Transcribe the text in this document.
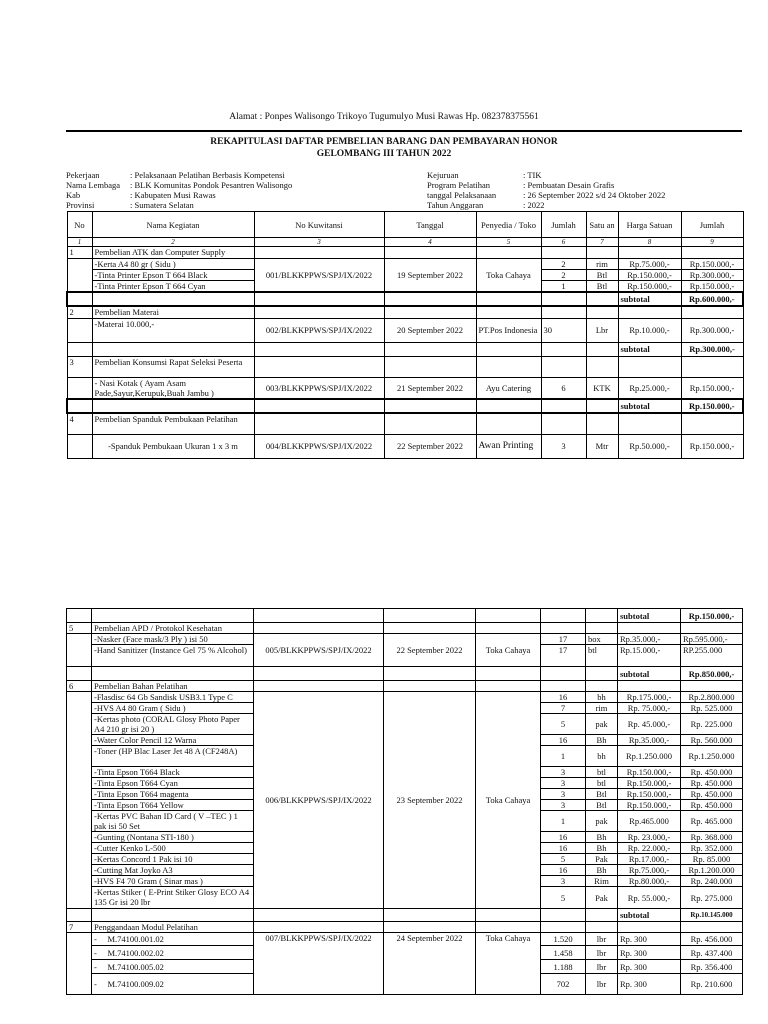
Alamat : Ponpes Walisongo Trikoyo Tugumulyo Musi Rawas Hp. 082378375561
REKAPITULASI DAFTAR PEMBELIAN BARANG DAN PEMBAYARAN HONOR
GELOMBANG III TAHUN 2022
Pekerjaan	: Pelaksanaan Pelatihan Berbasis Kompetensi
Nama Lembaga : BLK Komunitas Pondok Pesantren Walisongo
Kab	: Kabupaten Musi Rawas
Provinsi	: Sumatera Selatan
Kejuruan	: TIK
Program Pelatihan	: Pembuatan Desain Grafis
tanggal Pelaksanaan	: 26 September 2022 s/d 24 Oktober 2022
Tahun Anggaran	: 2022
No	Nama Kegiatan	No Kuwitansi	Tanggal	Penyedia / Toko	Jumlah	Satu an	Harga Satuan	Jumlah
1	2	3	4	5	6	7	8	9
1	Pembelian ATK dan Computer Supply							
	-Kerta A4 80 gr ( Sidu )	001/BLKKPPWS/SPJ/IX/2022	19 September 2022	Toka Cahaya	2	rim	Rp.75.000,-	Rp.150.000,-
	-Tinta Printer Epson T 664 Black				2	Btl	Rp.150.000,-	Rp.300.000,-
	-Tinta Printer Epson T 664 Cyan				1	Btl	Rp.150.000,-	Rp.150.000,-
							subtotal	Rp.600.000,-
2	Pembelian Materai							
	-Materai 10.000,-	002/BLKKPPWS/SPJ/IX/2022	20 September 2022	PT.Pos Indonesia	30	Lbr	Rp.10.000,-	Rp.300.000,-
							subtotal	Rp.300.000,-
3	Pembelian Konsumsi Rapat Seleksi Peserta							
	- Nasi Kotak ( Ayam Asam Pade,Sayur,Kerupuk,Buah Jambu )	003/BLKKPPWS/SPJ/IX/2022	21 September 2022	Ayu Catering	6	KTK	Rp.25.000,-	Rp.150.000,-
							subtotal	Rp.150.000,-
4	Pembelian Spanduk Pembukaan Pelatihan							
	-Spanduk Pembukaan Ukuran 1 x 3 m	004/BLKKPPWS/SPJ/IX/2022	22 September 2022	Awan Printing	3	Mtr	Rp.50.000,-	Rp.150.000,-
							subtotal	Rp.150.000,-
5	Pembelian APD / Protokol Kesehatan							
	-Nasker (Face mask/3 Ply ) isi 50	005/BLKKPPWS/SPJ/IX/2022	22 September 2022	Toka Cahaya	17	box	Rp.35.000,-	Rp.595.000,-
	-Hand Sanitizer (Instance Gel 75 % Alcohol)				17	btl	Rp.15.000,-	RP.255.000
							subtotal	Rp.850.000,-
6	Pembelian Bahan Pelatihan							
	-Flasdisc 64 Gb Sandisk USB3.1 Type C	006/BLKKPPWS/SPJ/IX/2022	23 September 2022	Toka Cahaya	16	bh	Rp.175.000,-	Rp.2.800.000
	-HVS A4 80 Gram ( Sidu )				7	rim	Rp. 75.000,-	Rp. 525.000
	-Kertas photo (CORAL Glosy Photo Paper A4 210 gr isi 20 )				5	pak	Rp. 45.000,-	Rp. 225.000
	-Water Color Pencil 12 Warna				16	Bh	Rp.35.000,-	Rp. 560.000
	-Toner (HP Blac Laser Jet 48 A (CF248A)				1	bh	Rp.1.250.000	Rp.1.250.000
	-Tinta Epson T664 Black				3	btl	Rp.150.000,-	Rp. 450.000
	-Tinta Epson T664 Cyan				3	btl	Rp.150.000,-	Rp. 450.000
	-Tinta Epson T664 magenta				3	Btl	Rp.150.000,-	Rp. 450.000
	-Tinta Epson T664 Yellow				3	Btl	Rp.150.000,-	Rp. 450.000
	-Kertas PVC Bahan ID Card ( V –TEC ) 1 pak isi 50 Set				1	pak	Rp.465.000	Rp. 465.000
	-Gunting (Nontana STI-180 )				16	Bh	Rp. 23.000,-	Rp. 368.000
	-Cutter Kenko L-500				16	Bh	Rp. 22.000,-	Rp. 352.000
	-Kertas Concord 1 Pak isi 10				5	Pak	Rp.17.000,-	Rp. 85.000
	-Cutting Mat Joyko A3				16	Bh	Rp.75.000,-	Rp.1.200.000
	-HVS F4 70 Gram ( Sinar mas )				3	Rim	Rp.80.000,-	Rp. 240.000
	-Kertas Stiker ( E-Print Stiker Glosy ECO A4 135 Gr isi 20 lbr				5	Pak	Rp. 55.000,-	Rp. 275.000
							subtotal	Rp.10.145.000
7	Penggandaan Modul Pelatihan							
	- M.74100.001.02	007/BLKKPPWS/SPJ/IX/2022	24 September 2022	Toka Cahaya	1.520	lbr	Rp. 300	Rp. 456.000
	- M.74100.002.02				1.458	lbr	Rp. 300	Rp. 437.400
	- M.74100.005.02				1.188	lbr	Rp. 300	Rp. 356.400
	- M.74100.009.02				702	lbr	Rp. 300	Rp. 210.600
